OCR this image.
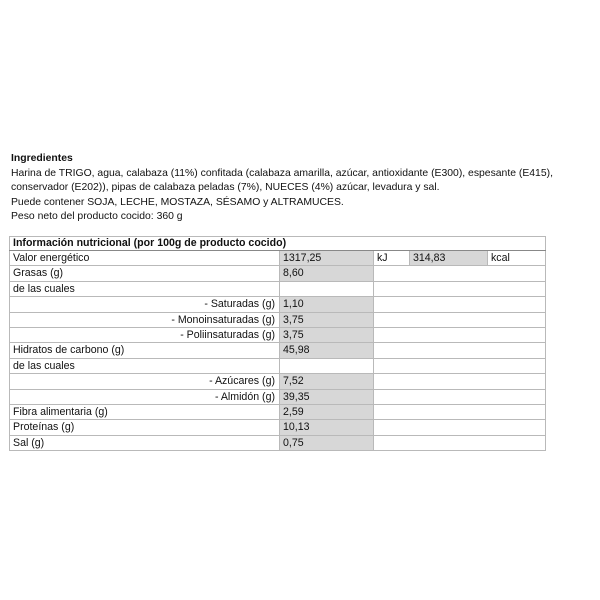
Ingredientes
Harina de TRIGO, agua, calabaza (11%) confitada (calabaza amarilla, azúcar, antioxidante (E300), espesante (E415),
conservador (E202)), pipas de calabaza peladas (7%), NUECES (4%) azúcar, levadura y sal.
Puede contener SOJA, LECHE, MOSTAZA, SÉSAMO y ALTRAMUCES.
Peso neto del producto cocido: 360 g
Información nutricional (por 100g de producto cocido)				
Valor energético	1317,25	kJ	314,83	kcal
Grasas (g)	8,60			
de las cuales				
- Saturadas (g)	1,10			
- Monoinsaturadas (g)	3,75			
- Poliinsaturadas (g)	3,75			
Hidratos de carbono (g)	45,98			
de las cuales				
- Azúcares (g)	7,52			
- Almidón (g)	39,35			
Fibra alimentaria (g)	2,59			
Proteínas (g)	10,13			
Sal (g)	0,75			
